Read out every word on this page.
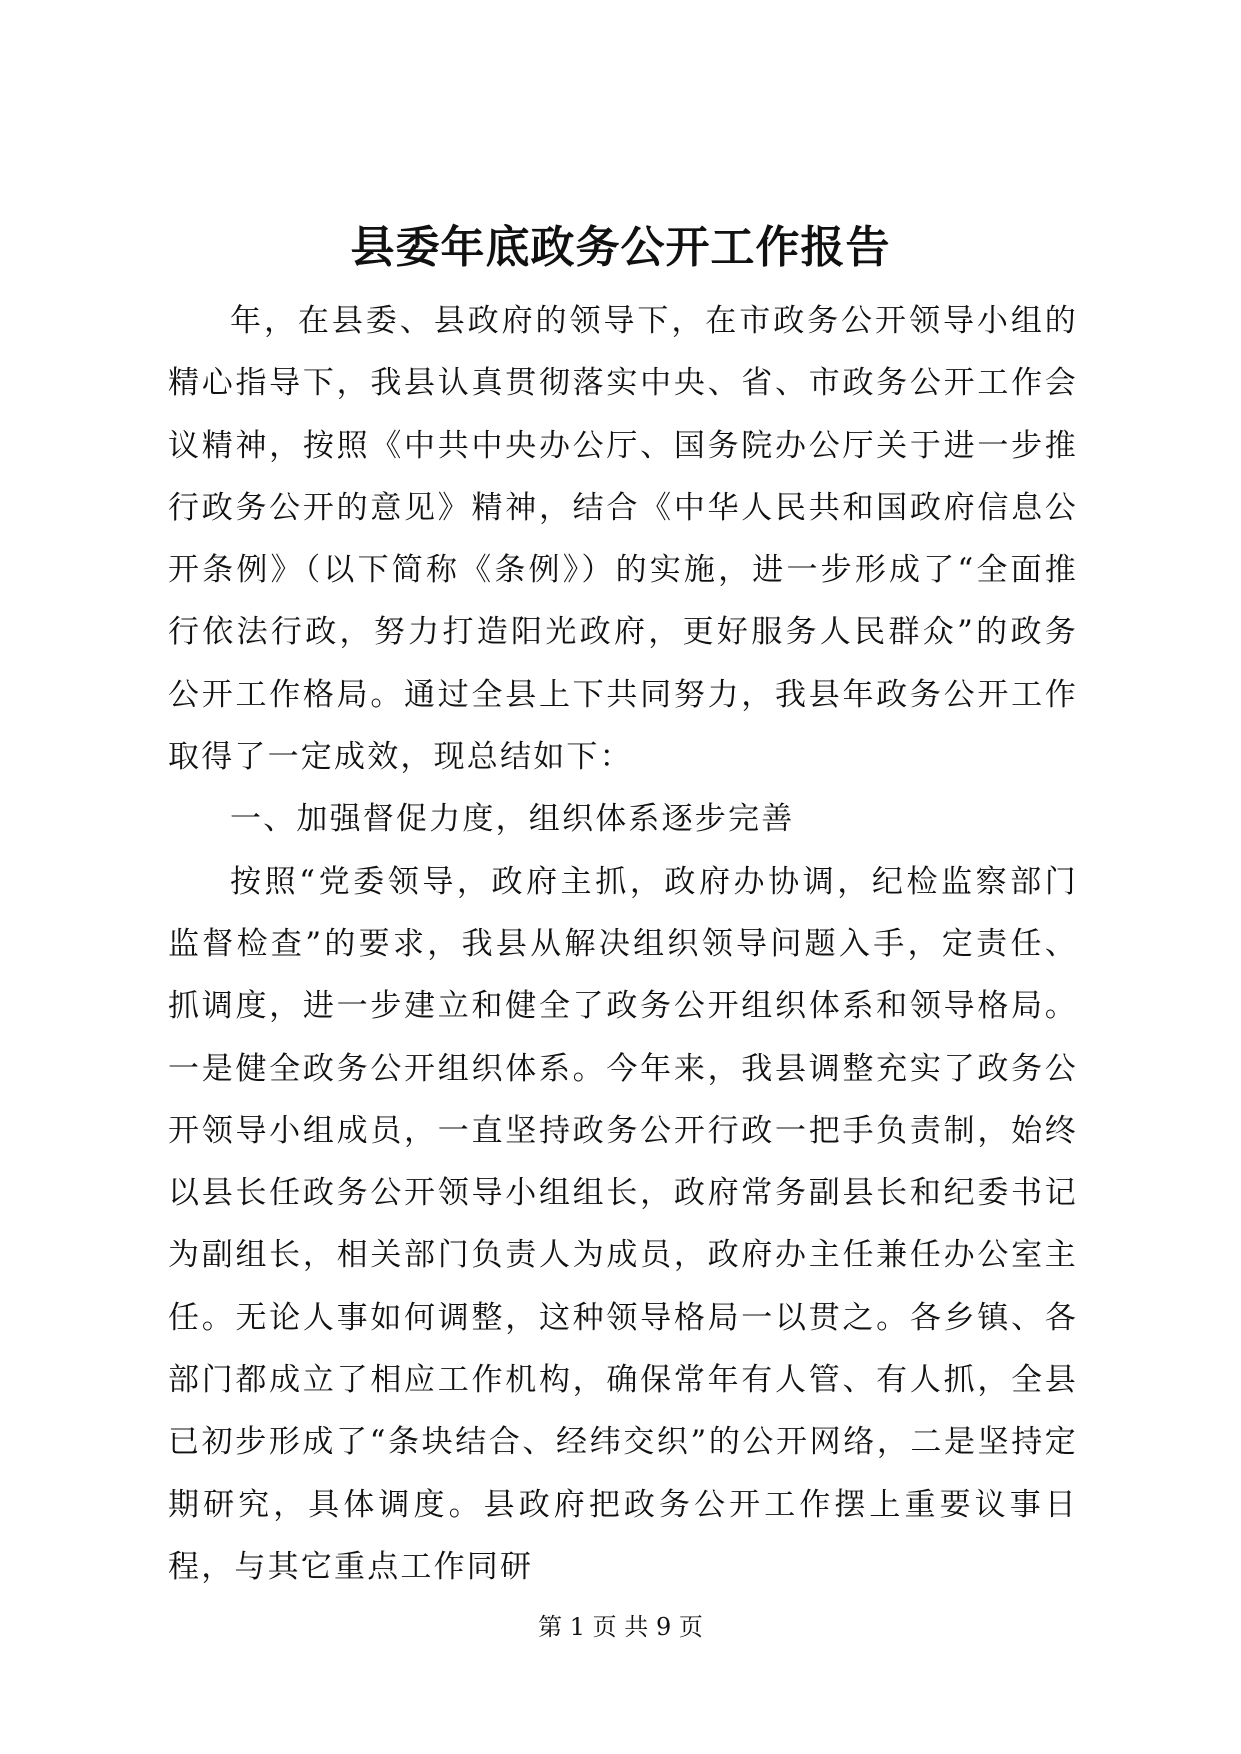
县委年底政务公开工作报告

年，在县委、县政府的领导下，在市政务公开领导小组的精心指导下，我县认真贯彻落实中央、省、市政务公开工作会议精神，按照《中共中央办公厅、国务院办公厅关于进一步推行政务公开的意见》精神，结合《中华人民共和国政府信息公开条例》（以下简称《条例》）的实施，进一步形成了“全面推行依法行政，努力打造阳光政府，更好服务人民群众”的政务公开工作格局。通过全县上下共同努力，我县年政务公开工作取得了一定成效，现总结如下：

一、加强督促力度，组织体系逐步完善

按照“党委领导，政府主抓，政府办协调，纪检监察部门监督检查”的要求，我县从解决组织领导问题入手，定责任、抓调度，进一步建立和健全了政务公开组织体系和领导格局。一是健全政务公开组织体系。今年来，我县调整充实了政务公开领导小组成员，一直坚持政务公开行政一把手负责制，始终以县长任政务公开领导小组组长，政府常务副县长和纪委书记为副组长，相关部门负责人为成员，政府办主任兼任办公室主任。无论人事如何调整，这种领导格局一以贯之。各乡镇、各部门都成立了相应工作机构，确保常年有人管、有人抓，全县已初步形成了“条块结合、经纬交织”的公开网络，二是坚持定期研究，具体调度。县政府把政务公开工作摆上重要议事日程，与其它重点工作同研

第 1 页 共 9 页
